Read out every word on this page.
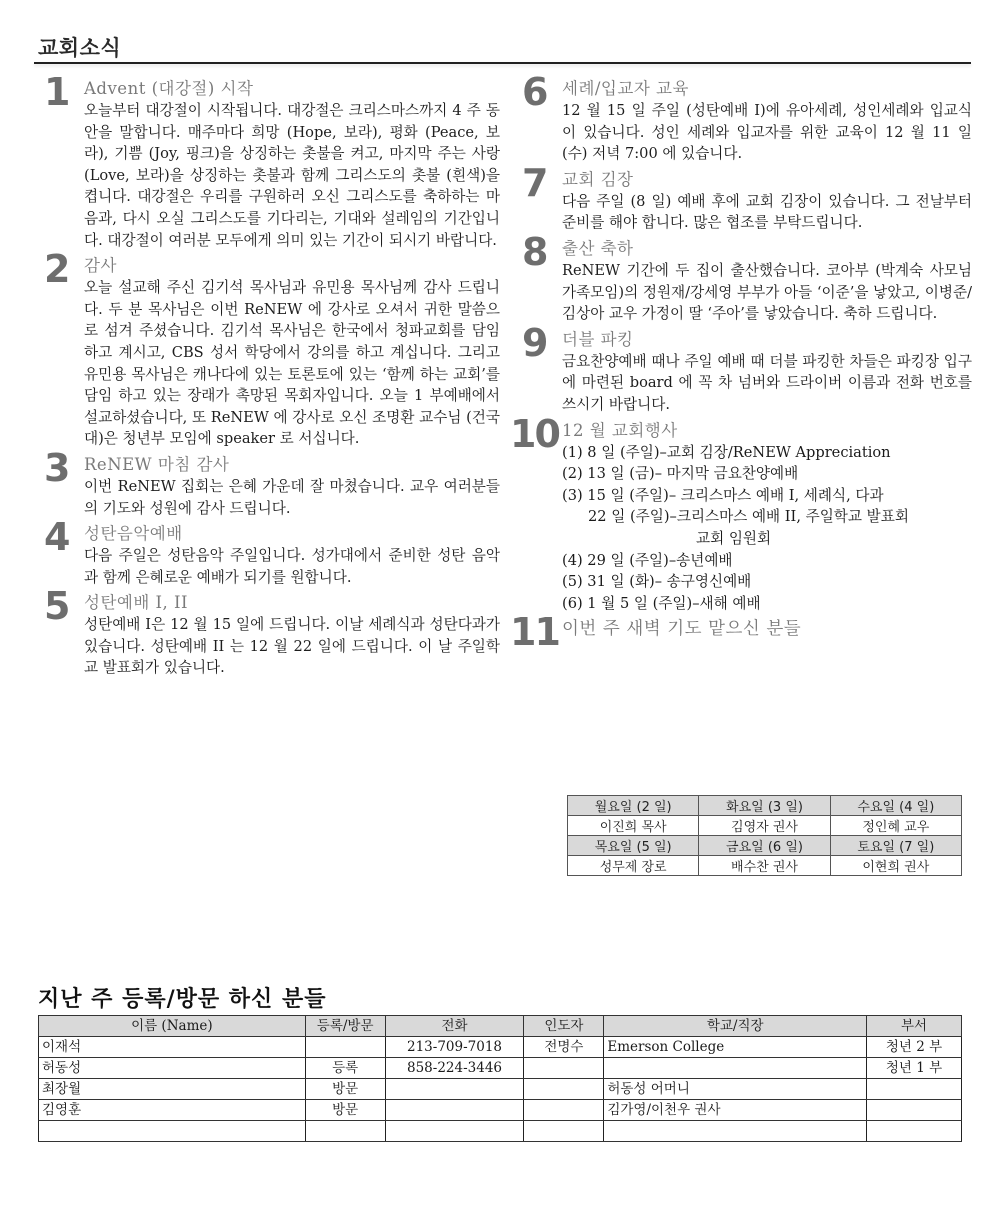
교회소식
1 Advent (대강절) 시작
오늘부터 대강절이 시작됩니다. 대강절은 크리스마스까지 4 주 동안을 말합니다. 매주마다 희망 (Hope, 보라), 평화 (Peace, 보라), 기쁨 (Joy, 핑크)을 상징하는 촛불을 켜고, 마지막 주는 사랑 (Love, 보라)을 상징하는 촛불과 함께 그리스도의 촛불 (흰색)을 켭니다. 대강절은 우리를 구원하러 오신 그리스도를 축하하는 마음과, 다시 오실 그리스도를 기다리는, 기대와 설레임의 기간입니다. 대강절이 여러분 모두에게 의미 있는 기간이 되시기 바랍니다.
2 감사
오늘 설교해 주신 김기석 목사님과 유민용 목사님께 감사 드립니다. 두 분 목사님은 이번 ReNEW 에 강사로 오셔서 귀한 말씀으로 섬겨 주셨습니다. 김기석 목사님은 한국에서 청파교회를 담임하고 계시고, CBS 성서 학당에서 강의를 하고 계십니다. 그리고 유민용 목사님은 캐나다에 있는 토론토에 있는 ‘함께 하는 교회’를 담임 하고 있는 장래가 촉망된 목회자입니다. 오늘 1 부예배에서 설교하셨습니다, 또 ReNEW 에 강사로 오신 조명환 교수님 (건국대)은 청년부 모임에 speaker 로 서십니다.
3 ReNEW 마침 감사
이번 ReNEW 집회는 은혜 가운데 잘 마쳤습니다. 교우 여러분들의 기도와 성원에 감사 드립니다.
4 성탄음악예배
다음 주일은 성탄음악 주일입니다. 성가대에서 준비한 성탄 음악과 함께 은혜로운 예배가 되기를 원합니다.
5 성탄예배 I, II
성탄예배 I은 12 월 15 일에 드립니다. 이날 세례식과 성탄다과가 있습니다. 성탄예배 II 는 12 월 22 일에 드립니다. 이 날 주일학교 발표회가 있습니다.
6 세례/입교자 교육
12 월 15 일 주일 (성탄예배 I)에 유아세례, 성인세례와 입교식이 있습니다. 성인 세례와 입교자를 위한 교육이 12 월 11 일 (수) 저녁 7:00 에 있습니다.
7 교회 김장
다음 주일 (8 일) 예배 후에 교회 김장이 있습니다. 그 전날부터 준비를 해야 합니다. 많은 협조를 부탁드립니다.
8 출산 축하
ReNEW 기간에 두 집이 출산했습니다. 코아부 (박계숙 사모님 가족모임)의 정원재/강세영 부부가 아들 ‘이준’을 낳았고, 이병준/김상아 교우 가정이 딸 ‘주아’를 낳았습니다. 축하 드립니다.
9 더블 파킹
금요찬양예배 때나 주일 예배 때 더블 파킹한 차들은 파킹장 입구에 마련된 board 에 꼭 차 넘버와 드라이버 이름과 전화 번호를 쓰시기 바랍니다.
10 12 월 교회행사
(1) 8 일 (주일)–교회 김장/ReNEW Appreciation
(2) 13 일 (금)– 마지막 금요찬양예배
(3) 15 일 (주일)– 크리스마스 예배 I, 세례식, 다과
22 일 (주일)–크리스마스 예배 II, 주일학교 발표회
교회 임원회
(4) 29 일 (주일)–송년예배
(5) 31 일 (화)– 송구영신예배
(6) 1 월 5 일 (주일)–새해 예배
11 이번 주 새벽 기도 맡으신 분들
월요일 (2 일)	화요일 (3 일)	수요일 (4 일)
이진희 목사	김영자 권사	정인혜 교우
목요일 (5 일)	금요일 (6 일)	토요일 (7 일)
성무제 장로	배수찬 권사	이현희 권사
지난 주 등록/방문 하신 분들
이름 (Name)	등록/방문	전화	인도자	학교/직장	부서
이재석		213-709-7018	전명수	Emerson College	청년 2 부
허동성	등록	858-224-3446			청년 1 부
최장월	방문			허동성 어머니	
김영훈	방문			김가영/이천우 권사	
